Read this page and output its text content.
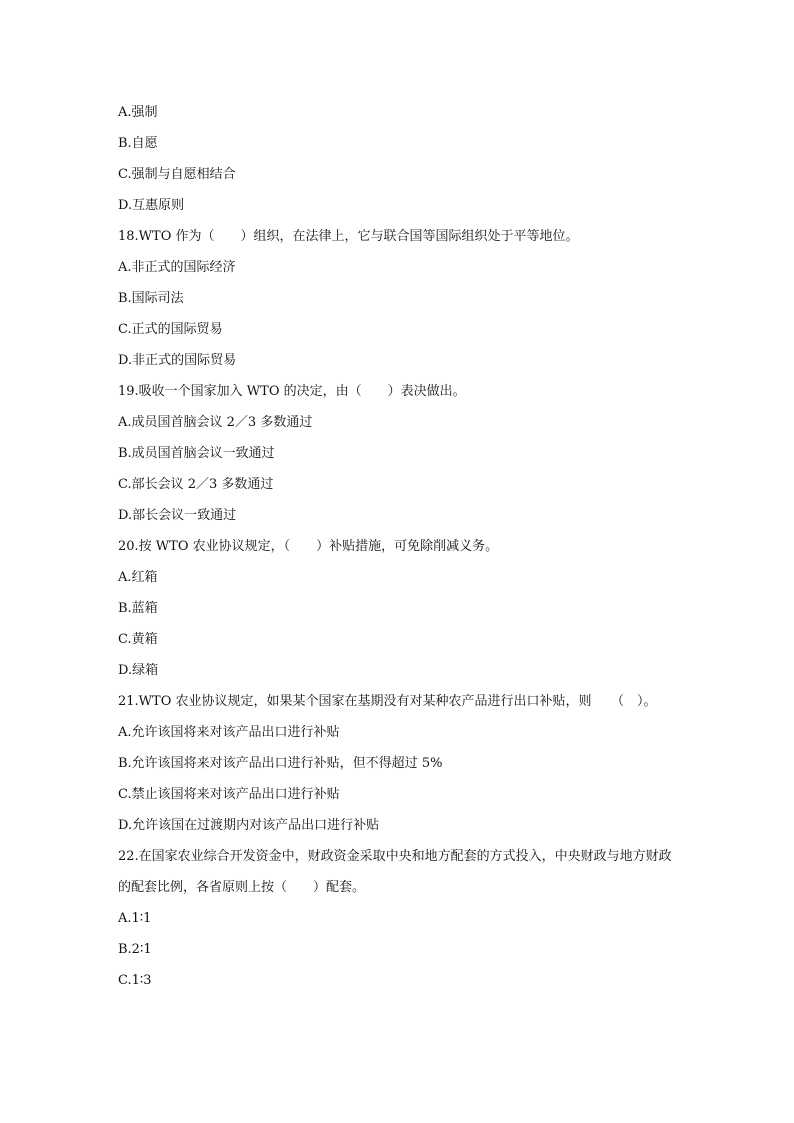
A.强制
B.自愿
C.强制与自愿相结合
D.互惠原则
18.WTO 作为（　　）组织，在法律上，它与联合国等国际组织处于平等地位。
A.非正式的国际经济
B.国际司法
C.正式的国际贸易
D.非正式的国际贸易
19.吸收一个国家加入 WTO 的决定，由（　　）表决做出。
A.成员国首脑会议 2／3 多数通过
B.成员国首脑会议一致通过
C.部长会议 2／3 多数通过
D.部长会议一致通过
20.按 WTO 农业协议规定，（　　）补贴措施，可免除削减义务。
A.红箱
B.蓝箱
C.黄箱
D.绿箱
21.WTO 农业协议规定，如果某个国家在基期没有对某种农产品进行出口补贴，则　　（　）。
A.允许该国将来对该产品出口进行补贴
B.允许该国将来对该产品出口进行补贴，但不得超过 5%
C.禁止该国将来对该产品出口进行补贴
D.允许该国在过渡期内对该产品出口进行补贴
22.在国家农业综合开发资金中，财政资金采取中央和地方配套的方式投入，中央财政与地方财政的配套比例，各省原则上按（　　）配套。
A.1∶1
B.2∶1
C.1∶3
